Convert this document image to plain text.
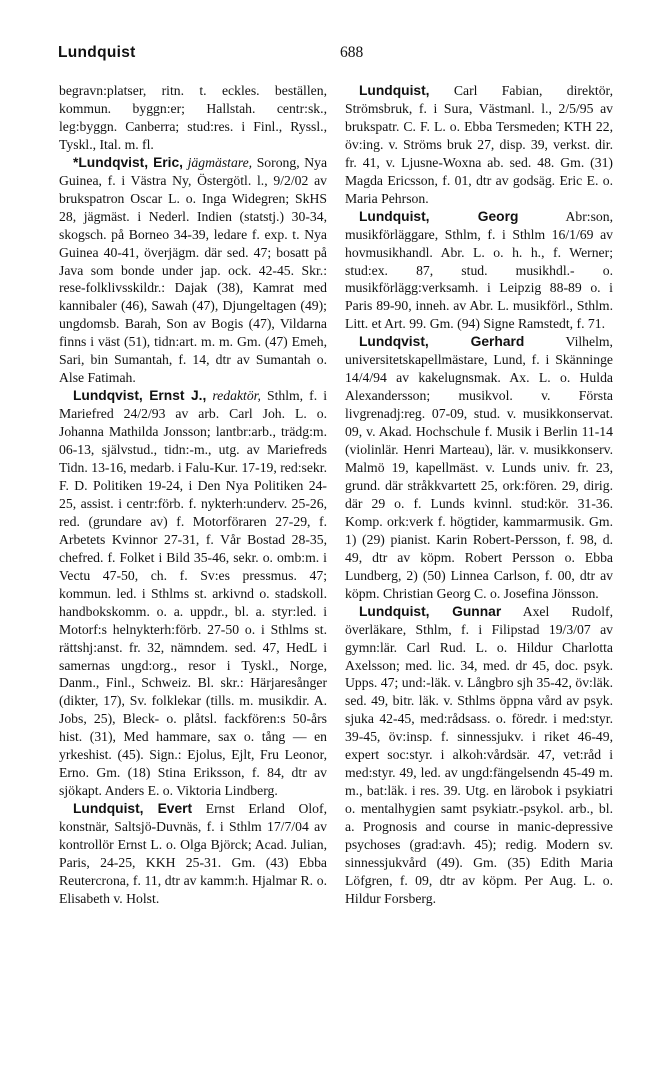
Lundquist	688

begravn:platser, ritn. t. eckles. beställen, kommun. byggn:er; Hallstah. centr:sk., leg:byggn. Canberra; stud:res. i Finl., Ryssl., Tyskl., Ital. m. fl.

*Lundqvist, Eric, jägmästare, Sorong, Nya Guinea, f. i Västra Ny, Östergötl. l., 9/2/02 av brukspatron Oscar L. o. Inga Widegren; SkHS 28, jägmäst. i Nederl. Indien (statstj.) 30-34, skogsch. på Borneo 34-39, ledare f. exp. t. Nya Guinea 40-41, överjägm. där sed. 47; bosatt på Java som bonde under jap. ock. 42-45. Skr.: rese-folklivsskildr.: Dajak (38), Kamrat med kannibaler (46), Sawah (47), Djungeltagen (49); ungdomsb. Barah, Son av Bogis (47), Vildarna finns i väst (51), tidn:art. m. m. Gm. (47) Emeh, Sari, bin Sumantah, f. 14, dtr av Sumantah o. Alse Fatimah.

Lundqvist, Ernst J., redaktör, Sthlm, f. i Mariefred 24/2/93 av arb. Carl Joh. L. o. Johanna Mathilda Jonsson; lantbr:arb., trädg:m. 06-13, självstud., tidn:-m., utg. av Mariefreds Tidn. 13-16, medarb. i Falu-Kur. 17-19, red:sekr. F. D. Politiken 19-24, i Den Nya Politiken 24-25, assist. i centr:förb. f. nykterh:underv. 25-26, red. (grundare av) f. Motorföraren 27-29, f. Arbetets Kvinnor 27-31, f. Vår Bostad 28-35, chefred. f. Folket i Bild 35-46, sekr. o. omb:m. i Vectu 47-50, ch. f. Sv:es pressmus. 47; kommun. led. i Sthlms st. arkivnd o. stadskoll. handbokskomm. o. a. uppdr., bl. a. styr:led. i Motorf:s helnykterh:förb. 27-50 o. i Sthlms st. rättshj:anst. fr. 32, nämndem. sed. 47, HedL i samernas ungd:org., resor i Tyskl., Norge, Danm., Finl., Schweiz. Bl. skr.: Härjaresånger (dikter, 17), Sv. folklekar (tills. m. musikdir. A. Jobs, 25), Bleck- o. plåtsl. fackfören:s 50-års hist. (31), Med hammare, sax o. tång — en yrkeshist. (45). Sign.: Ejolus, Ejlt, Fru Leonor, Erno. Gm. (18) Stina Eriksson, f. 84, dtr av sjökapt. Anders E. o. Viktoria Lindberg.

Lundquist, Evert Ernst Erland Olof, konstnär, Saltsjö-Duvnäs, f. i Sthlm 17/7/04 av kontrollör Ernst L. o. Olga Björck; Acad. Julian, Paris, 24-25, KKH 25-31. Gm. (43) Ebba Reutercrona, f. 11, dtr av kamm:h. Hjalmar R. o. Elisabeth v. Holst.

Lundquist, Carl Fabian, direktör, Strömsbruk, f. i Sura, Västmanl. l., 2/5/95 av brukspatr. C. F. L. o. Ebba Tersmeden; KTH 22, öv:ing. v. Ströms bruk 27, disp. 39, verkst. dir. fr. 41, v. Ljusne-Woxna ab. sed. 48. Gm. (31) Magda Ericsson, f. 01, dtr av godsäg. Eric E. o. Maria Pehrson.

Lundquist, Georg	Abr:son, musikförläggare, Sthlm, f. i Sthlm 16/1/69 av hovmusikhandl. Abr. L. o. h. h., f. Werner; stud:ex. 87, stud. musikhdl.- o. musikförlägg:verksamh. i Leipzig 88-89 o. i Paris 89-90, inneh. av Abr. L. musikförl., Sthlm. Litt. et Art. 99. Gm. (94) Signe Ramstedt, f. 71.

Lundqvist, Gerhard	Vilhelm, universitetskapellmästare, Lund, f. i Skänninge 14/4/94 av kakelugnsmak. Ax. L. o. Hulda Alexandersson; musikvol. v. Första livgrenadj:reg. 07-09, stud. v. musikkonservat. 09, v. Akad. Hochschule f. Musik i Berlin 11-14 (violinlär. Henri Marteau), lär. v. musikkonserv. Malmö 19, kapellmäst. v. Lunds univ. fr. 23, grund. där stråkkvartett 25, ork:fören. 29, dirig. där 29 o. f. Lunds kvinnl. stud:kör. 31-36. Komp. ork:verk f. högtider, kammarmusik. Gm. 1) (29) pianist. Karin Robert-Persson, f. 98, d. 49, dtr av köpm. Robert Persson o. Ebba Lundberg, 2) (50) Linnea Carlson, f. 00, dtr av köpm. Christian Georg C. o. Josefina Jönsson.

Lundquist, Gunnar Axel Rudolf, överläkare, Sthlm, f. i Filipstad 19/3/07 av gymn:lär. Carl Rud. L. o. Hildur Charlotta Axelsson; med. lic. 34, med. dr 45, doc. psyk. Upps. 47; und:-läk. v. Långbro sjh 35-42, öv:läk. sed. 49, bitr. läk. v. Sthlms öppna vård av psyk. sjuka 42-45, med:rådsass. o. föredr. i med:styr. 39-45, öv:insp. f. sinnessjukv. i riket 46-49, expert soc:styr. i alkoh:vårdsär. 47, vet:råd i med:styr. 49, led. av ungd:fängelsendn 45-49 m. m., bat:läk. i res. 39. Utg. en lärobok i psykiatri o. mentalhygien samt psykiatr.-psykol. arb., bl. a. Prognosis and course in manic-depressive psychoses (grad:avh. 45); redig. Modern sv. sinnessjukvård (49). Gm. (35) Edith Maria Löfgren, f. 09, dtr av köpm. Per Aug. L. o. Hildur Forsberg.
